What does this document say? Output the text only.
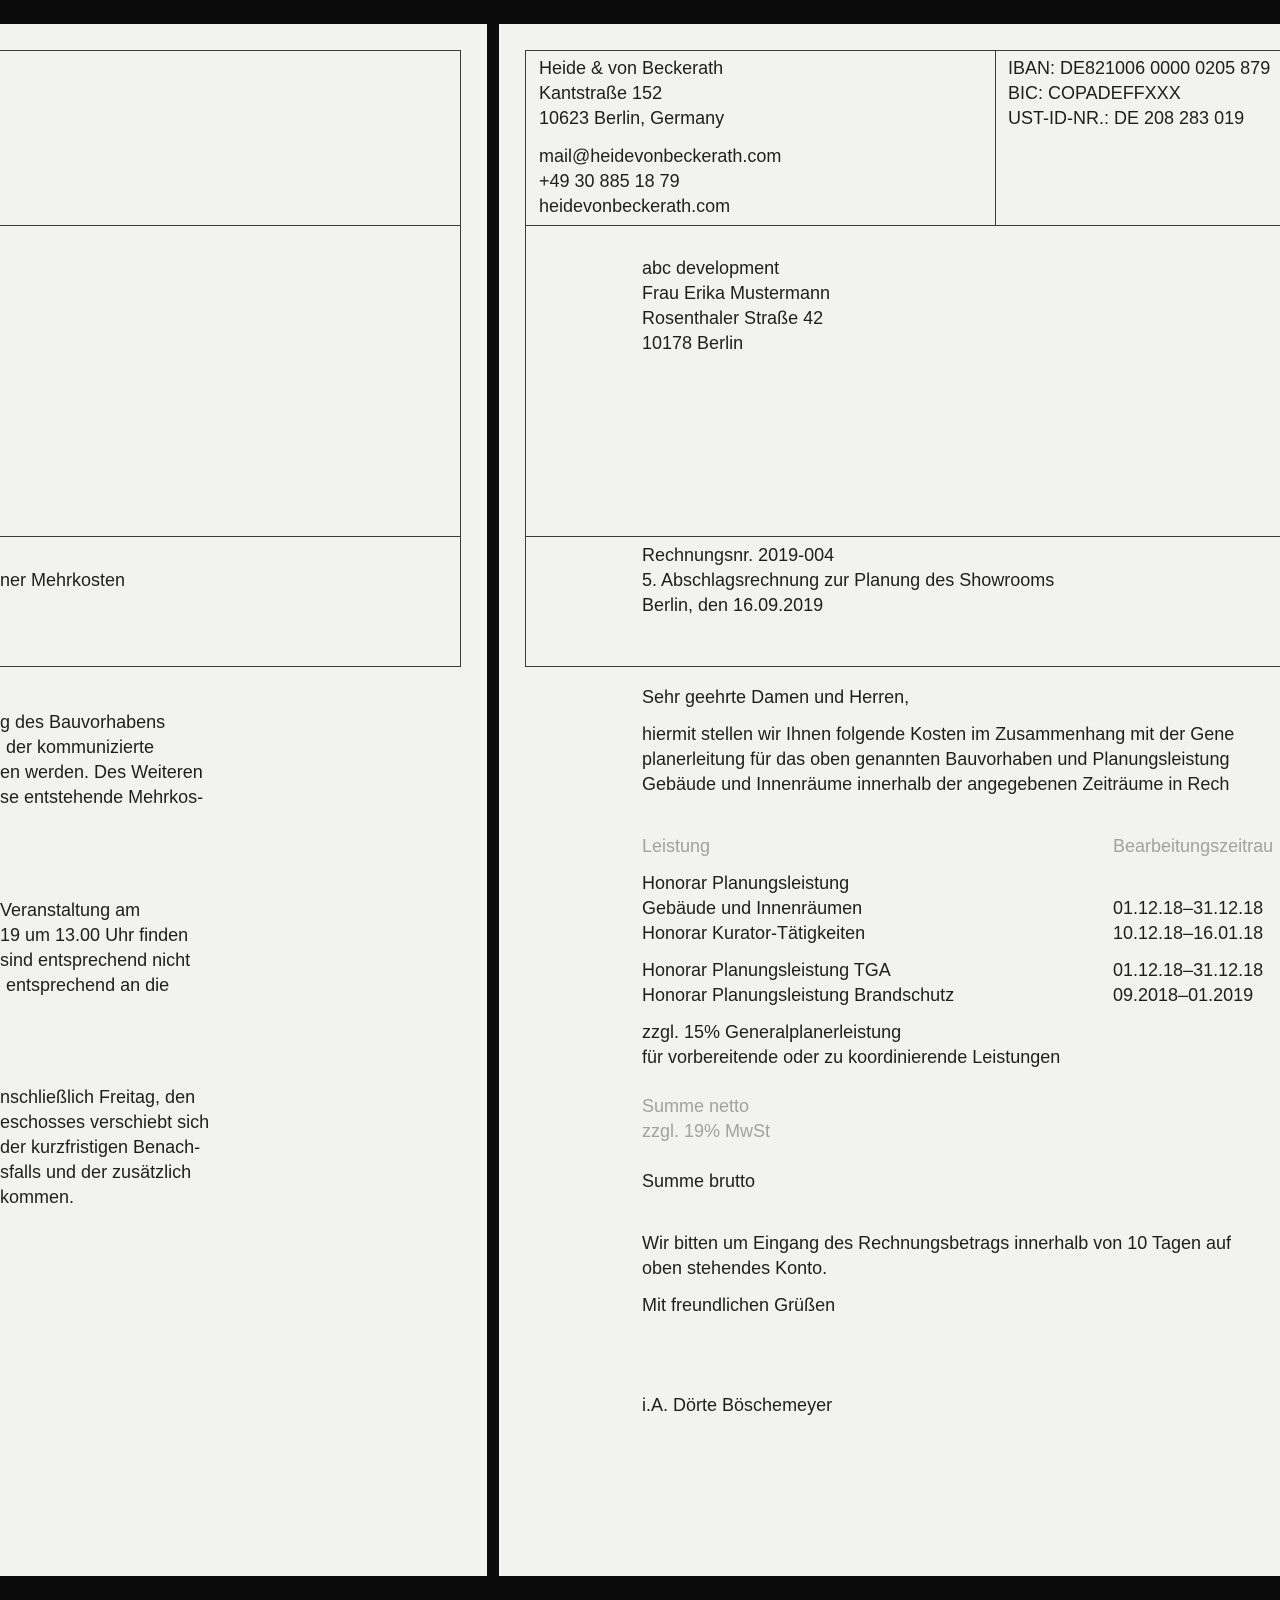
ner Mehrkosten
g des Bauvorhabens
der kommunizierte
en werden. Des Weiteren
se entstehende Mehrkos-
Veranstaltung am
19 um 13.00 Uhr finden
sind entsprechend nicht
entsprechend an die
nschließlich Freitag, den
eschosses verschiebt sich
der kurzfristigen Benach-
sfalls und der zusätzlich
kommen.
Heide & von Beckerath
Kantstraße 152
10623 Berlin, Germany
mail@heidevonbeckerath.com
+49 30 885 18 79
heidevonbeckerath.com
IBAN: DE821006 0000 0205 879
BIC: COPADEFFXXX
UST-ID-NR.: DE 208 283 019
abc development
Frau Erika Mustermann
Rosenthaler Straße 42
10178 Berlin
Rechnungsnr. 2019-004
5. Abschlagsrechnung zur Planung des Showrooms
Berlin, den 16.09.2019
Sehr geehrte Damen und Herren,
hiermit stellen wir Ihnen folgende Kosten im Zusammenhang mit der Gene
planerleitung für das oben genannten Bauvorhaben und Planungsleistung
Gebäude und Innenräume innerhalb der angegebenen Zeiträume in Rech
Leistung	Bearbeitungszeitrau
Honorar Planungsleistung
Gebäude und Innenräumen	01.12.18–31.12.18
Honorar Kurator-Tätigkeiten	10.12.18–16.01.18
Honorar Planungsleistung TGA	01.12.18–31.12.18
Honorar Planungsleistung Brandschutz	09.2018–01.2019
zzgl. 15% Generalplanerleistung
für vorbereitende oder zu koordinierende Leistungen
Summe netto
zzgl. 19% MwSt
Summe brutto
Wir bitten um Eingang des Rechnungsbetrags innerhalb von 10 Tagen auf
oben stehendes Konto.
Mit freundlichen Grüßen
i.A. Dörte Böschemeyer
